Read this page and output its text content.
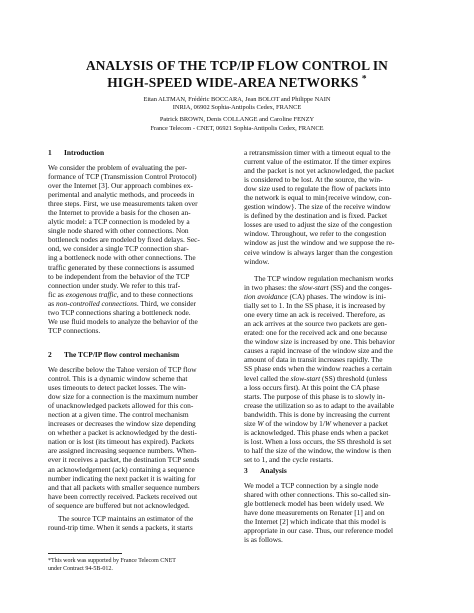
ANALYSIS OF THE TCP/IP FLOW CONTROL IN
HIGH-SPEED WIDE-AREA NETWORKS *
Eitan ALTMAN, Frédéric BOCCARA, Jean BOLOT and Philippe NAIN
INRIA, 06902 Sophia-Antipolis Cedex, FRANCE
Patrick BROWN, Denis COLLANGE and Caroline FENZY
France Telecom - CNET, 06921 Sophia-Antipolis Cedex, FRANCE
1 Introduction
We consider the problem of evaluating the per-
formance of TCP (Transmission Control Protocol)
over the Internet [3]. Our approach combines ex-
perimental and analytic methods, and proceeds in
three steps. First, we use measurements taken over
the Internet to provide a basis for the chosen an-
alytic model: a TCP connection is modeled by a
single node shared with other connections. Non
bottleneck nodes are modeled by fixed delays. Sec-
ond, we consider a single TCP connection shar-
ing a bottleneck node with other connections. The
traffic generated by these connections is assumed
to be independent from the behavior of the TCP
connection under study. We refer to this traf-
fic as exogenous traffic, and to these connections
as non-controlled connections. Third, we consider
two TCP connections sharing a bottleneck node.
We use fluid models to analyze the behavior of the
TCP connections.
2 The TCP/IP flow control mechanism
We describe below the Tahoe version of TCP flow
control. This is a dynamic window scheme that
uses timeouts to detect packet losses. The win-
dow size for a connection is the maximum number
of unacknowledged packets allowed for this con-
nection at a given time. The control mechanism
increases or decreases the window size depending
on whether a packet is acknowledged by the desti-
nation or is lost (its timeout has expired). Packets
are assigned increasing sequence numbers. When-
ever it receives a packet, the destination TCP sends
an acknowledgement (ack) containing a sequence
number indicating the next packet it is waiting for
and that all packets with smaller sequence numbers
have been correctly received. Packets received out
of sequence are buffered but not acknowledged.
The source TCP maintains an estimator of the
round-trip time. When it sends a packets, it starts
*This work was supported by France Telecom CNET
under Contract 94-5B-012.
a retransmission timer with a timeout equal to the
current value of the estimator. If the timer expires
and the packet is not yet acknowledged, the packet
is considered to be lost. At the source, the win-
dow size used to regulate the flow of packets into
the network is equal to min{receive window, con-
gestion window}. The size of the receive window
is defined by the destination and is fixed. Packet
losses are used to adjust the size of the congestion
window. Throughout, we refer to the congestion
window as just the window and we suppose the re-
ceive window is always larger than the congestion
window.
The TCP window regulation mechanism works
in two phases: the slow-start (SS) and the conges-
tion avoidance (CA) phases. The window is ini-
tially set to 1. In the SS phase, it is increased by
one every time an ack is received. Therefore, as
an ack arrives at the source two packets are gen-
erated: one for the received ack and one because
the window size is increased by one. This behavior
causes a rapid increase of the window size and the
amount of data in transit increases rapidly. The
SS phase ends when the window reaches a certain
level called the slow-start (SS) threshold (unless
a loss occurs first). At this point the CA phase
starts. The purpose of this phase is to slowly in-
crease the utilization so as to adapt to the available
bandwidth. This is done by increasing the current
size W of the window by 1/W whenever a packet
is acknowledged. This phase ends when a packet
is lost. When a loss occurs, the SS threshold is set
to half the size of the window, the window is then
set to 1, and the cycle restarts.
3 Analysis
We model a TCP connection by a single node
shared with other connections. This so-called sin-
gle bottleneck model has been widely used. We
have done measurements on Renater [1] and on
the Internet [2] which indicate that this model is
appropriate in our case. Thus, our reference model
is as follows.
